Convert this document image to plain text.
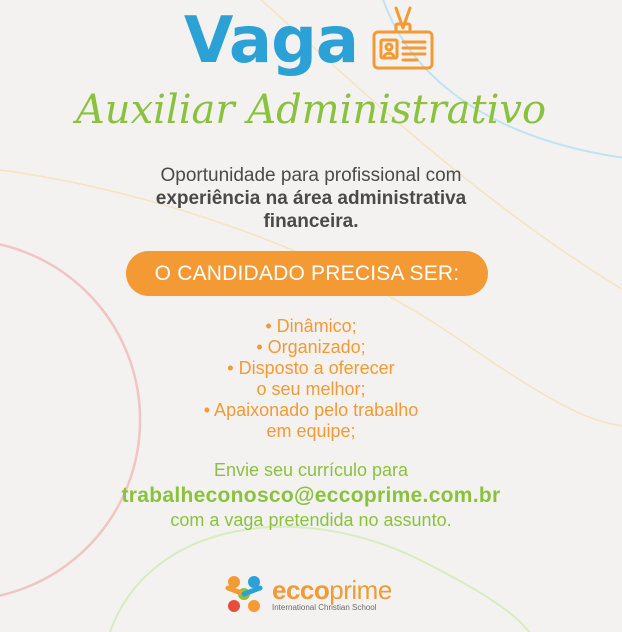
Vaga
Auxiliar Administrativo
Oportunidade para profissional com
experiência na área administrativa
financeira.
O CANDIDADO PRECISA SER:
• Dinâmico;
• Organizado;
• Disposto a oferecer
o seu melhor;
• Apaixonado pelo trabalho
em equipe;
Envie seu currículo para
trabalheconosco@eccoprime.com.br
com a vaga pretendida no assunto.
eccoprime
International Christian School
